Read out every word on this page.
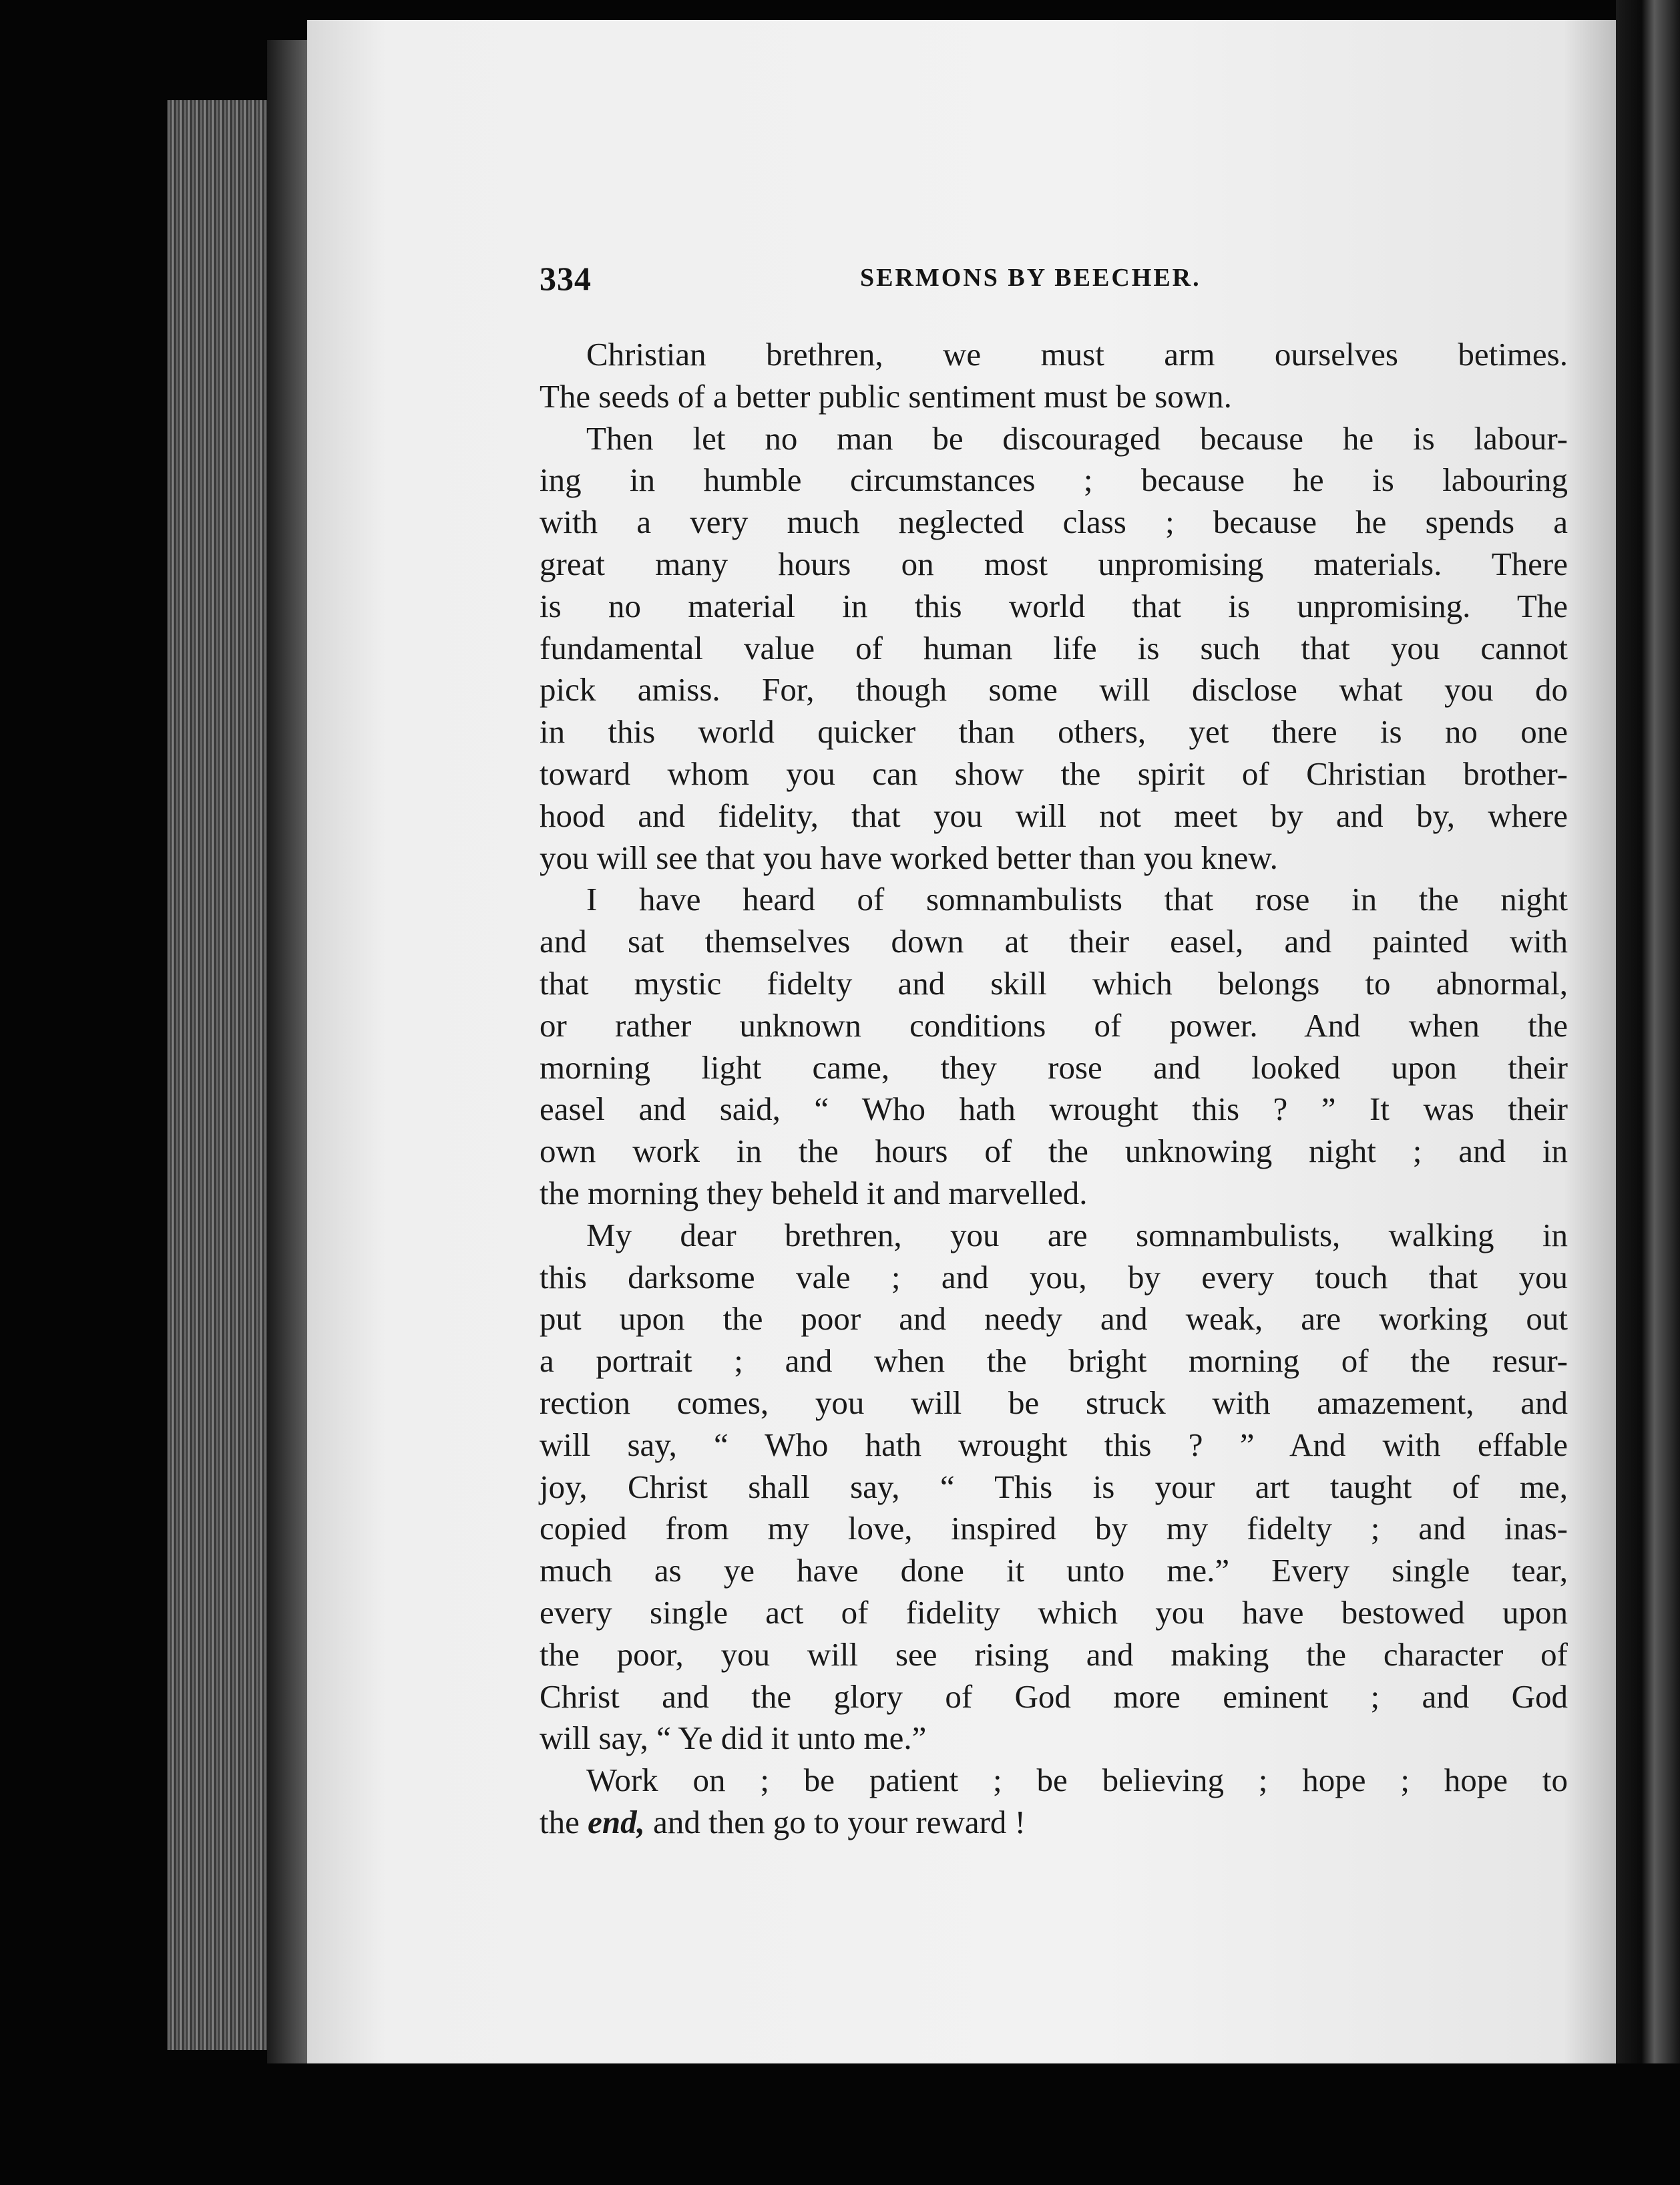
334	SERMONS BY BEECHER.
Christian brethren, we must arm ourselves betimes.
The seeds of a better public sentiment must be sown.
Then let no man be discouraged because he is labour-
ing in humble circumstances ; because he is labouring
with a very much neglected class ; because he spends a
great many hours on most unpromising materials. There
is no material in this world that is unpromising. The
fundamental value of human life is such that you cannot
pick amiss. For, though some will disclose what you do
in this world quicker than others, yet there is no one
toward whom you can show the spirit of Christian brother-
hood and fidelity, that you will not meet by and by, where
you will see that you have worked better than you knew.
I have heard of somnambulists that rose in the night
and sat themselves down at their easel, and painted with
that mystic fidelty and skill which belongs to abnormal,
or rather unknown conditions of power. And when the
morning light came, they rose and looked upon their
easel and said, “ Who hath wrought this ? ” It was their
own work in the hours of the unknowing night ; and in
the morning they beheld it and marvelled.
My dear brethren, you are somnambulists, walking in
this darksome vale ; and you, by every touch that you
put upon the poor and needy and weak, are working out
a portrait ; and when the bright morning of the resur-
rection comes, you will be struck with amazement, and
will say, “ Who hath wrought this ? ” And with effable
joy, Christ shall say, “ This is your art taught of me,
copied from my love, inspired by my fidelty ; and inas-
much as ye have done it unto me.” Every single tear,
every single act of fidelity which you have bestowed upon
the poor, you will see rising and making the character of
Christ and the glory of God more eminent ; and God
will say, “ Ye did it unto me.”
Work on ; be patient ; be believing ; hope ; hope to
the end, and then go to your reward !
